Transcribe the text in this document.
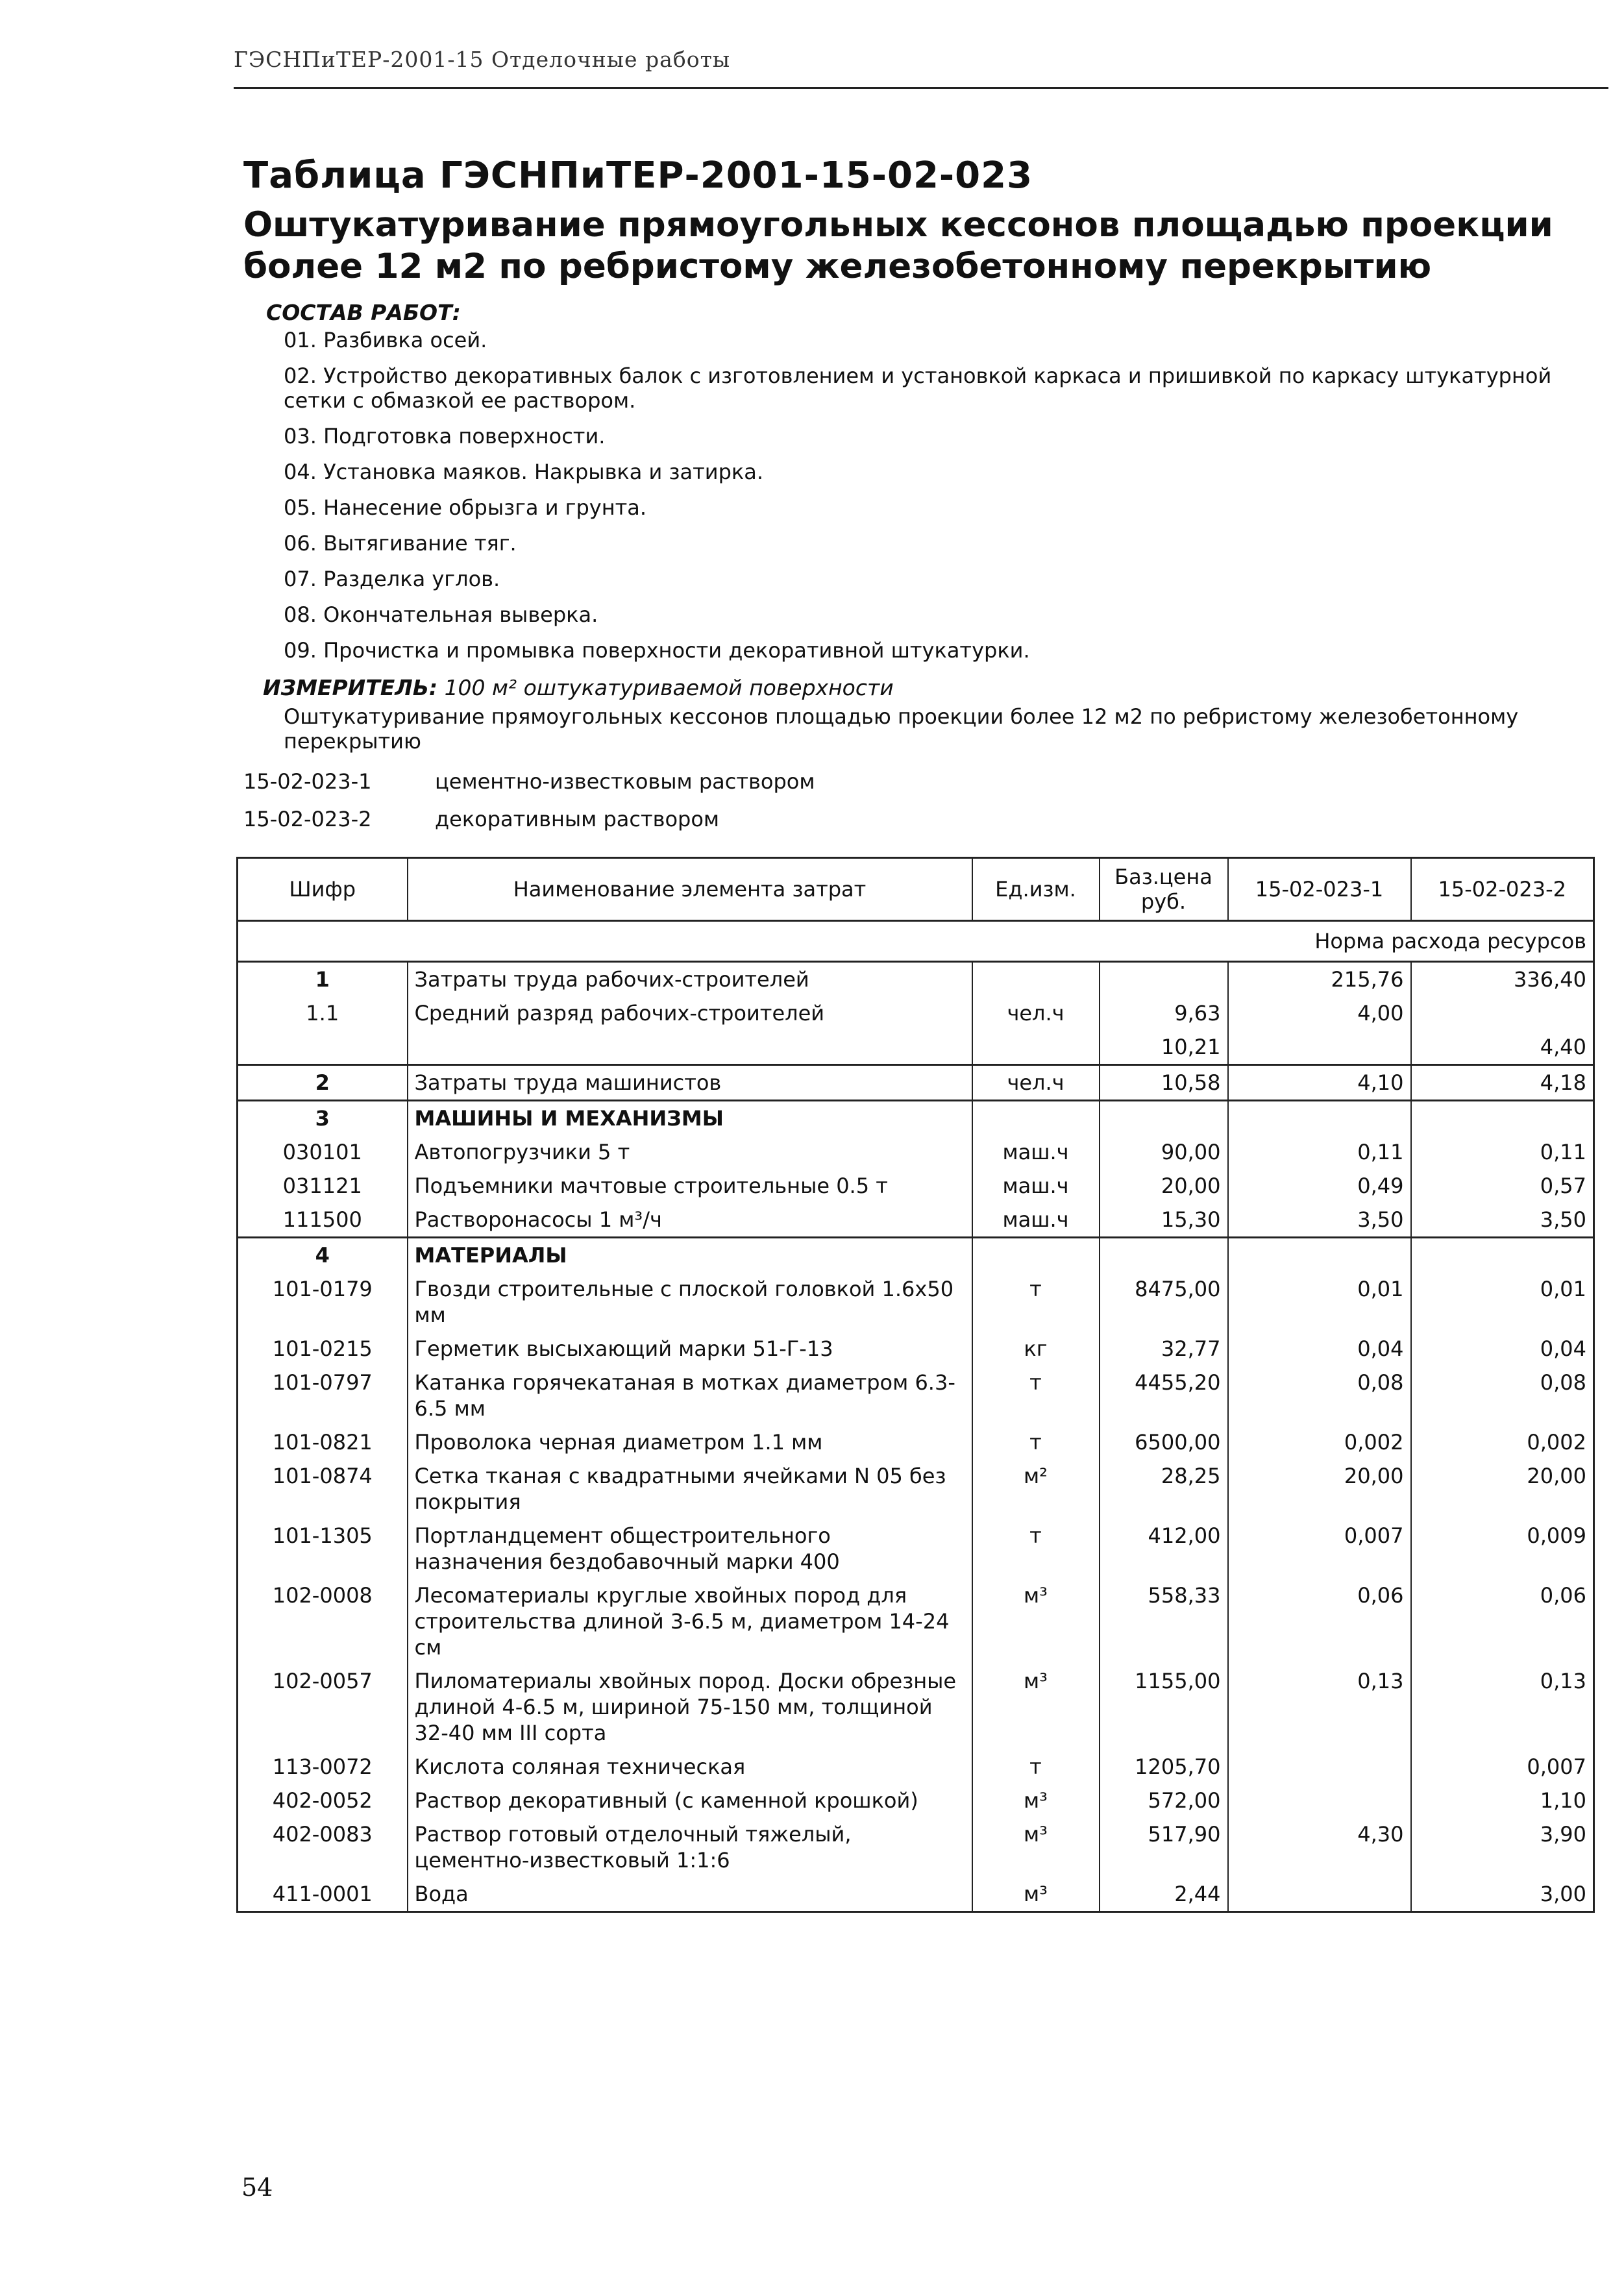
ГЭСНПиТЕР-2001-15 Отделочные работы
Таблица ГЭСНПиТЕР-2001-15-02-023
Оштукатуривание прямоугольных кессонов площадью проекции более 12 м2 по ребристому железобетонному перекрытию
СОСТАВ РАБОТ:
01. Разбивка осей.
02. Устройство декоративных балок с изготовлением и установкой каркаса и пришивкой по каркасу штукатурной сетки с обмазкой ее раствором.
03. Подготовка поверхности.
04. Установка маяков. Накрывка и затирка.
05. Нанесение обрызга и грунта.
06. Вытягивание тяг.
07. Разделка углов.
08. Окончательная выверка.
09. Прочистка и промывка поверхности декоративной штукатурки.
ИЗМЕРИТЕЛЬ: 100 м² оштукатуриваемой поверхности
Оштукатуривание прямоугольных кессонов площадью проекции более 12 м2 по ребристому железобетонному перекрытию
15-02-023-1	цементно-известковым раствором
15-02-023-2	декоративным раствором
Шифр	Наименование элемента затрат	Ед.изм.	Баз.цена руб.	15-02-023-1	15-02-023-2
				Норма расхода ресурсов	
1	Затраты труда рабочих-строителей			215,76	336,40
1.1	Средний разряд рабочих-строителей	чел.ч	9,63	4,00	
			10,21		4,40
2	Затраты труда машинистов	чел.ч	10,58	4,10	4,18
3	МАШИНЫ И МЕХАНИЗМЫ				
030101	Автопогрузчики 5 т	маш.ч	90,00	0,11	0,11
031121	Подъемники мачтовые строительные 0.5 т	маш.ч	20,00	0,49	0,57
111500	Растворонасосы 1 м³/ч	маш.ч	15,30	3,50	3,50
4	МАТЕРИАЛЫ				
101-0179	Гвозди строительные с плоской головкой 1.6х50 мм	т	8475,00	0,01	0,01
101-0215	Герметик высыхающий марки 51-Г-13	кг	32,77	0,04	0,04
101-0797	Катанка горячекатаная в мотках диаметром 6.3-6.5 мм	т	4455,20	0,08	0,08
101-0821	Проволока черная диаметром 1.1 мм	т	6500,00	0,002	0,002
101-0874	Сетка тканая с квадратными ячейками N 05 без покрытия	м²	28,25	20,00	20,00
101-1305	Портландцемент общестроительного назначения бездобавочный марки 400	т	412,00	0,007	0,009
102-0008	Лесоматериалы круглые хвойных пород для строительства длиной 3-6.5 м, диаметром 14-24 см	м³	558,33	0,06	0,06
102-0057	Пиломатериалы хвойных пород. Доски обрезные длиной 4-6.5 м, шириной 75-150 мм, толщиной 32-40 мм III сорта	м³	1155,00	0,13	0,13
113-0072	Кислота соляная техническая	т	1205,70		0,007
402-0052	Раствор декоративный (с каменной крошкой)	м³	572,00		1,10
402-0083	Раствор готовый отделочный тяжелый, цементно-известковый 1:1:6	м³	517,90	4,30	3,90
411-0001	Вода	м³	2,44		3,00
54
